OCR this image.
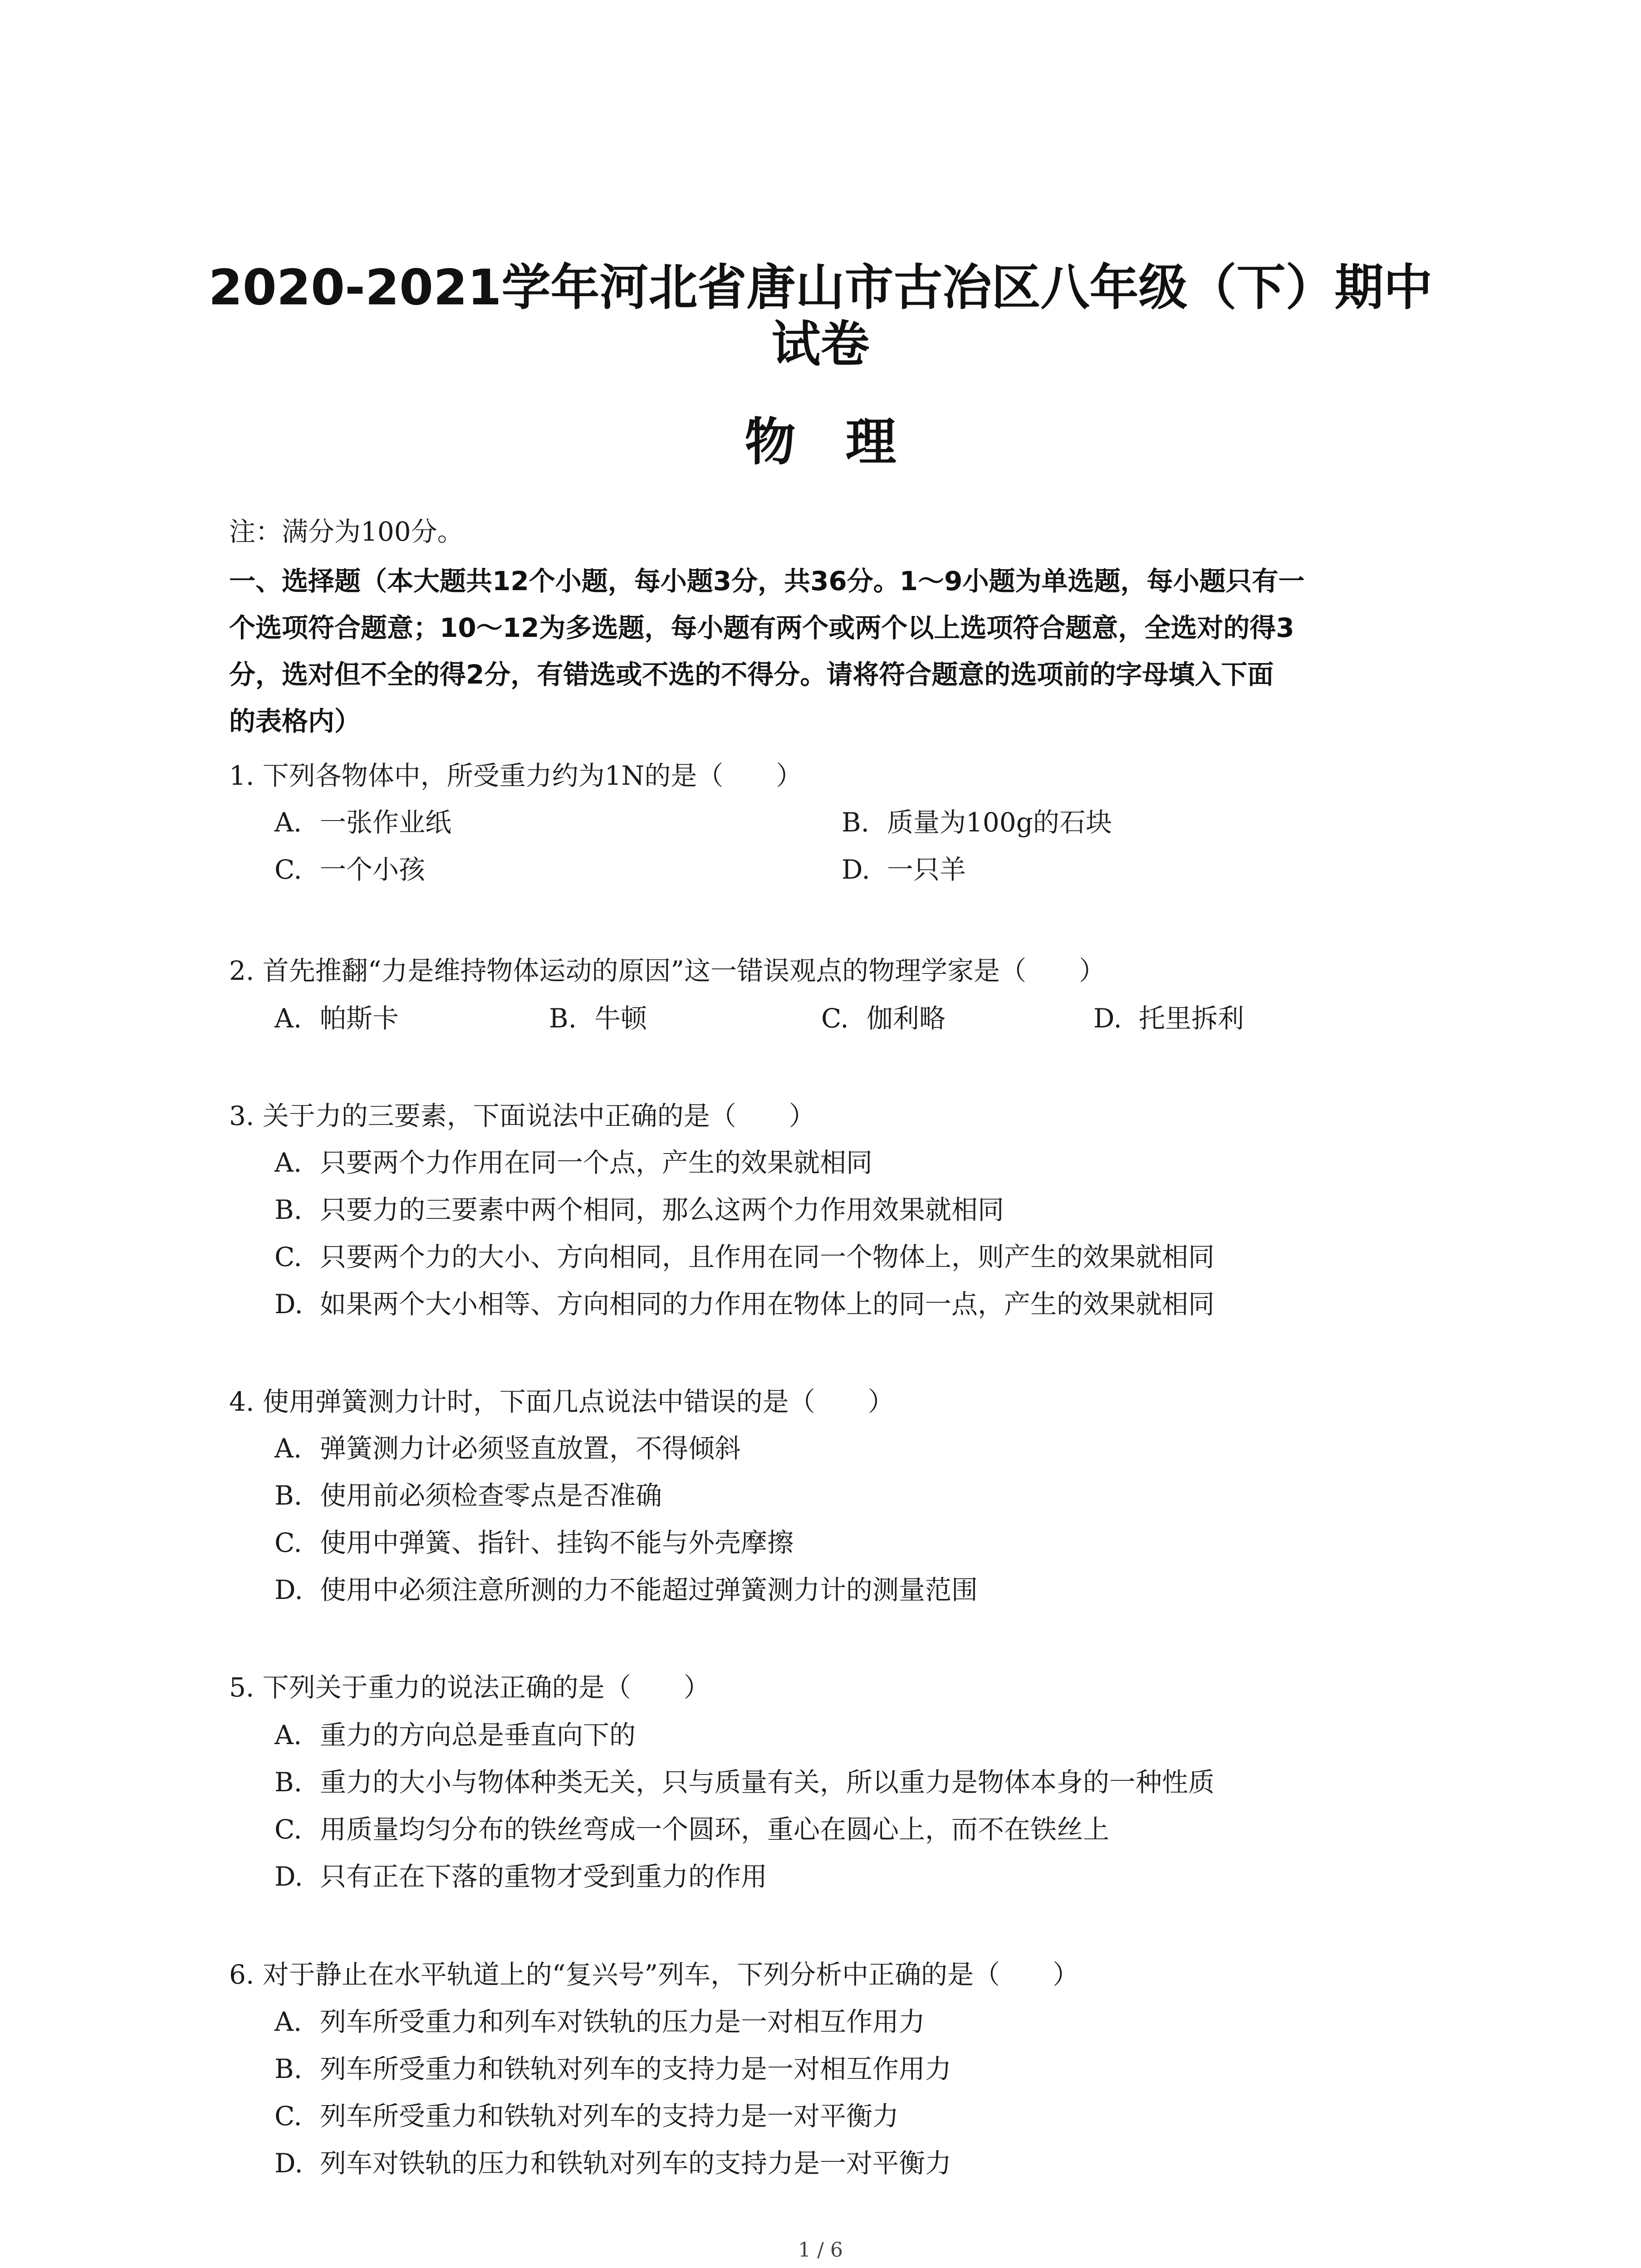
2020-2021学年河北省唐山市古冶区八年级（下）期中
试卷
物理
注：满分为100分。
一、选择题（本大题共12个小题，每小题3分，共36分。1～9小题为单选题，每小题只有一
个选项符合题意；10～12为多选题，每小题有两个或两个以上选项符合题意，全选对的得3
分，选对但不全的得2分，有错选或不选的不得分。请将符合题意的选项前的字母填入下面
的表格内）
1. 下列各物体中，所受重力约为1N的是（　　）
A. 一张作业纸	B. 质量为100g的石块
C. 一个小孩	D. 一只羊
2. 首先推翻“力是维持物体运动的原因”这一错误观点的物理学家是（　　）
A. 帕斯卡	B. 牛顿	C. 伽利略	D. 托里拆利
3. 关于力的三要素，下面说法中正确的是（　　）
A. 只要两个力作用在同一个点，产生的效果就相同
B. 只要力的三要素中两个相同，那么这两个力作用效果就相同
C. 只要两个力的大小、方向相同，且作用在同一个物体上，则产生的效果就相同
D. 如果两个大小相等、方向相同的力作用在物体上的同一点，产生的效果就相同
4. 使用弹簧测力计时，下面几点说法中错误的是（　　）
A. 弹簧测力计必须竖直放置，不得倾斜
B. 使用前必须检查零点是否准确
C. 使用中弹簧、指针、挂钩不能与外壳摩擦
D. 使用中必须注意所测的力不能超过弹簧测力计的测量范围
5. 下列关于重力的说法正确的是（　　）
A. 重力的方向总是垂直向下的
B. 重力的大小与物体种类无关，只与质量有关，所以重力是物体本身的一种性质
C. 用质量均匀分布的铁丝弯成一个圆环，重心在圆心上，而不在铁丝上
D. 只有正在下落的重物才受到重力的作用
6. 对于静止在水平轨道上的“复兴号”列车，下列分析中正确的是（　　）
A. 列车所受重力和列车对铁轨的压力是一对相互作用力
B. 列车所受重力和铁轨对列车的支持力是一对相互作用力
C. 列车所受重力和铁轨对列车的支持力是一对平衡力
D. 列车对铁轨的压力和铁轨对列车的支持力是一对平衡力
1 / 6
